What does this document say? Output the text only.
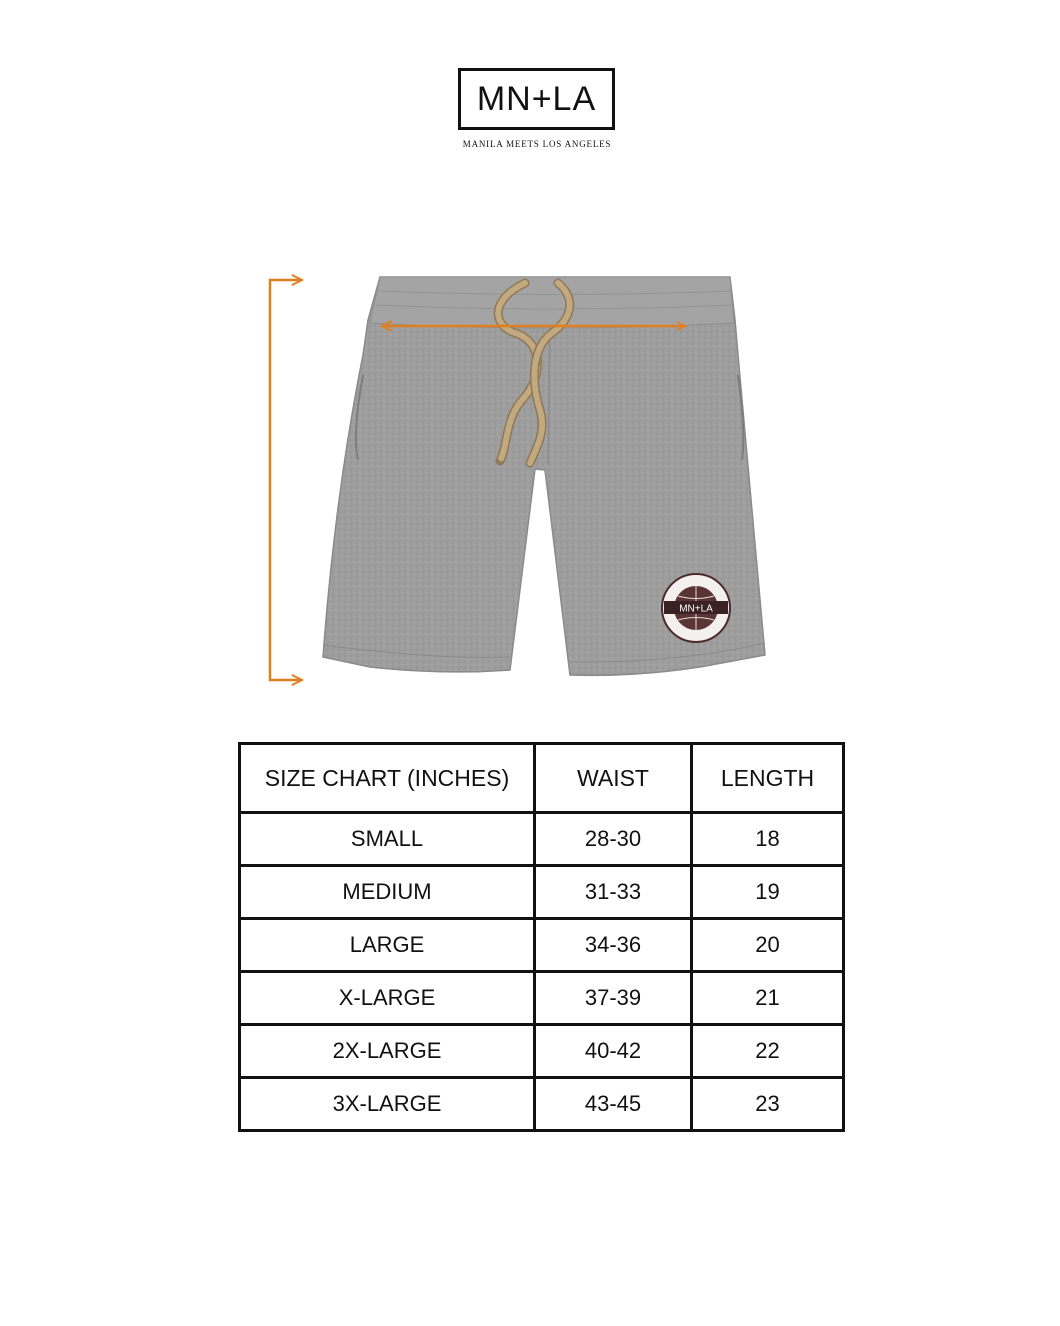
MN+LA
MANILA MEETS LOS ANGELES
MN+LA
SIZE CHART (INCHES)	WAIST	LENGTH
SMALL	28-30	18
MEDIUM	31-33	19
LARGE	34-36	20
X-LARGE	37-39	21
2X-LARGE	40-42	22
3X-LARGE	43-45	23
